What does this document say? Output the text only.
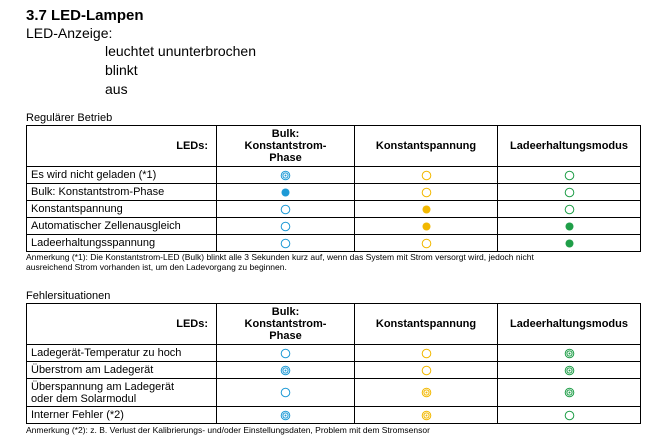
3.7 LED-Lampen
LED-Anzeige:
leuchtet ununterbrochen
blinkt
aus
Regulärer Betrieb
LEDs:	Bulk:
Konstantstrom-
Phase	Konstantspannung	Ladeerhaltungsmodus
Es wird nicht geladen (*1)			
Bulk: Konstantstrom-Phase			
Konstantspannung			
Automatischer Zellenausgleich			
Ladeerhaltungsspannung			
Anmerkung (*1): Die Konstantstrom-LED (Bulk) blinkt alle 3 Sekunden kurz auf, wenn das System mit Strom versorgt wird, jedoch nicht
ausreichend Strom vorhanden ist, um den Ladevorgang zu beginnen.
Fehlersituationen
LEDs:	Bulk:
Konstantstrom-
Phase	Konstantspannung	Ladeerhaltungsmodus
Ladegerät-Temperatur zu hoch			
Überstrom am Ladegerät			

Überspannung am Ladegerät
oder dem Solarmodul

Interner Fehler (*2)			
Anmerkung (*2): z. B. Verlust der Kalibrierungs- und/oder Einstellungsdaten, Problem mit dem Stromsensor
